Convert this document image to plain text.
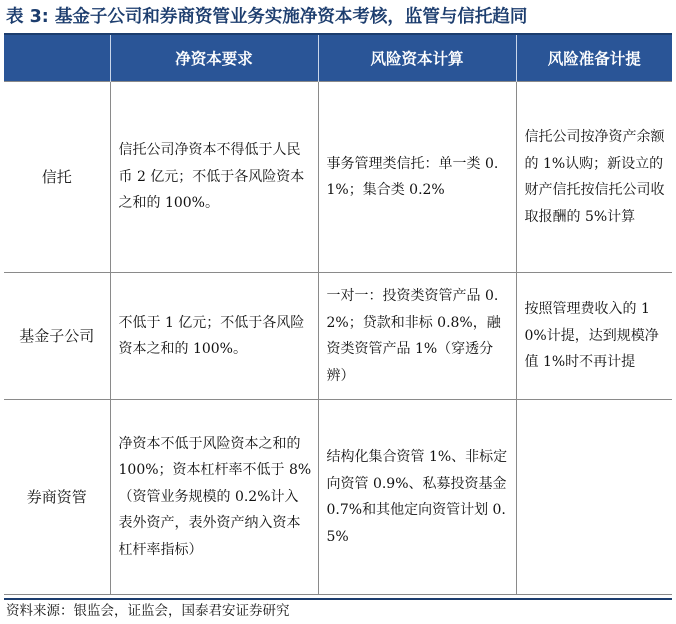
表 3: 基金子公司和券商资管业务实施净资本考核，监管与信托趋同
	净资本要求	风险资本计算	风险准备计提
信托	信托公司净资本不得低于人民币 2 亿元；不低于各风险资本之和的 100%。	事务管理类信托：单一类 0.1%；集合类 0.2%	信托公司按净资产余额的 1%认购；新设立的财产信托按信托公司收取报酬的 5%计算
基金子公司	不低于 1 亿元；不低于各风险资本之和的 100%。	一对一：投资类资管产品 0.2%；贷款和非标 0.8%，融资类资管产品 1%（穿透分辨）	按照管理费收入的 10%计提，达到规模净值 1%时不再计提
券商资管	净资本不低于风险资本之和的 100%；资本杠杆率不低于 8%（资管业务规模的 0.2%计入表外资产，表外资产纳入资本杠杆率指标）	结构化集合资管 1%、非标定向资管 0.9%、私募投资基金 0.7%和其他定向资管计划 0.5%	
资料来源：银监会，证监会，国泰君安证券研究
